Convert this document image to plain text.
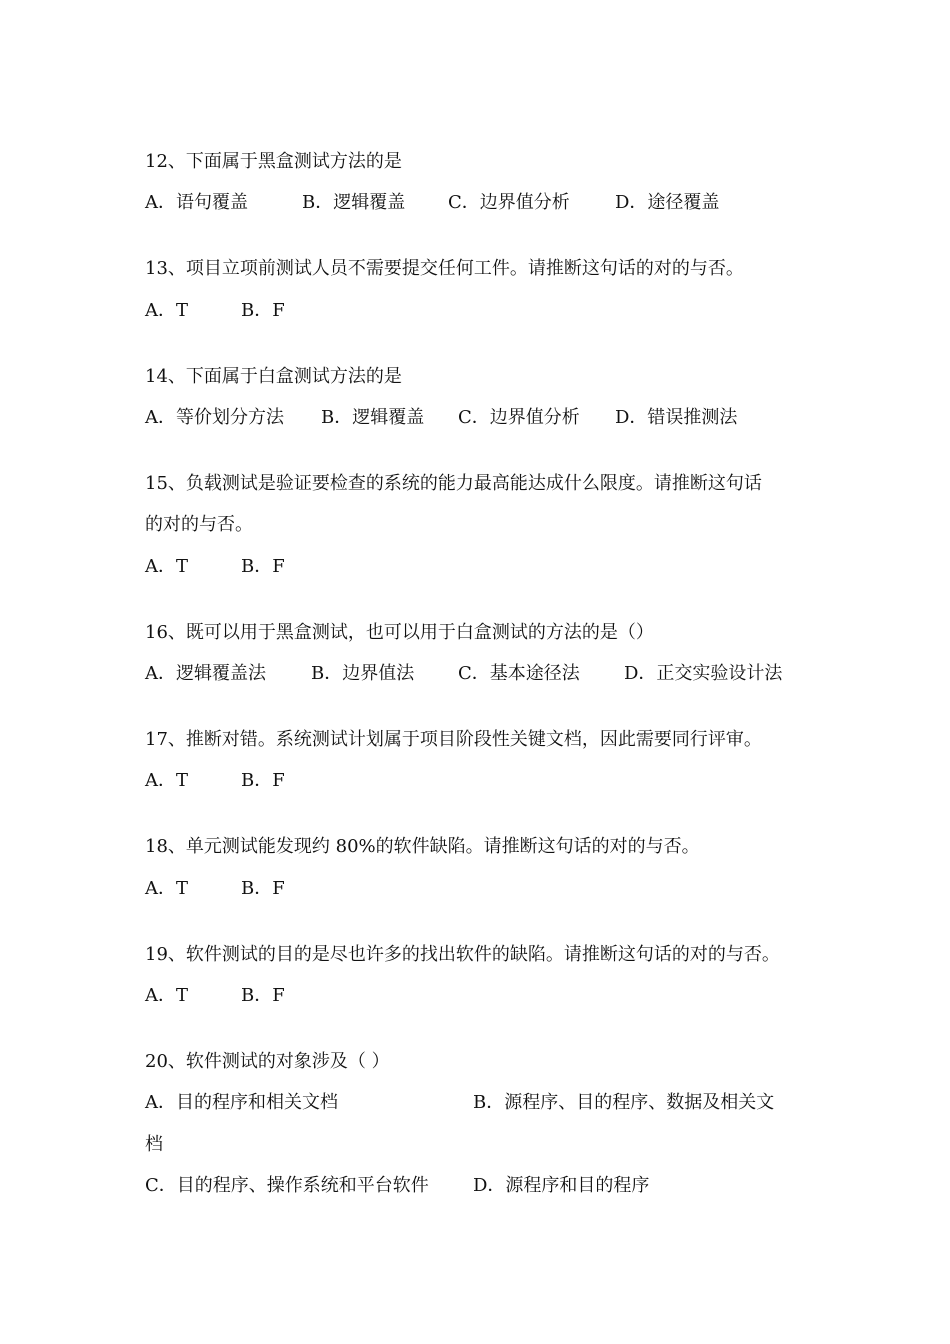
12、下面属于黑盒测试方法的是
A．语句覆盖	B．逻辑覆盖 C．边界值分析	D．途径覆盖
13、项目立项前测试人员不需要提交任何工件。请推断这句话的对的与否。
A．T	B．F
14、下面属于白盒测试方法的是
A．等价划分方法 B．逻辑覆盖 C．边界值分析 D．错误推测法
15、负载测试是验证要检查的系统的能力最高能达成什么限度。请推断这句话
的对的与否。
A．T	B．F
16、既可以用于黑盒测试，也可以用于白盒测试的方法的是（）
A．逻辑覆盖法	B．边界值法 C．基本途径法 D．正交实验设计法
17、推断对错。系统测试计划属于项目阶段性关键文档，因此需要同行评审。
A．T	B．F
18、单元测试能发现约 80%的软件缺陷。请推断这句话的对的与否。
A．T	B．F
19、软件测试的目的是尽也许多的找出软件的缺陷。请推断这句话的对的与否。
A．T	B．F
20、软件测试的对象涉及（ ）
A．目的程序和相关文档	B．源程序、目的程序、数据及相关文
档
C．目的程序、操作系统和平台软件 D．源程序和目的程序
